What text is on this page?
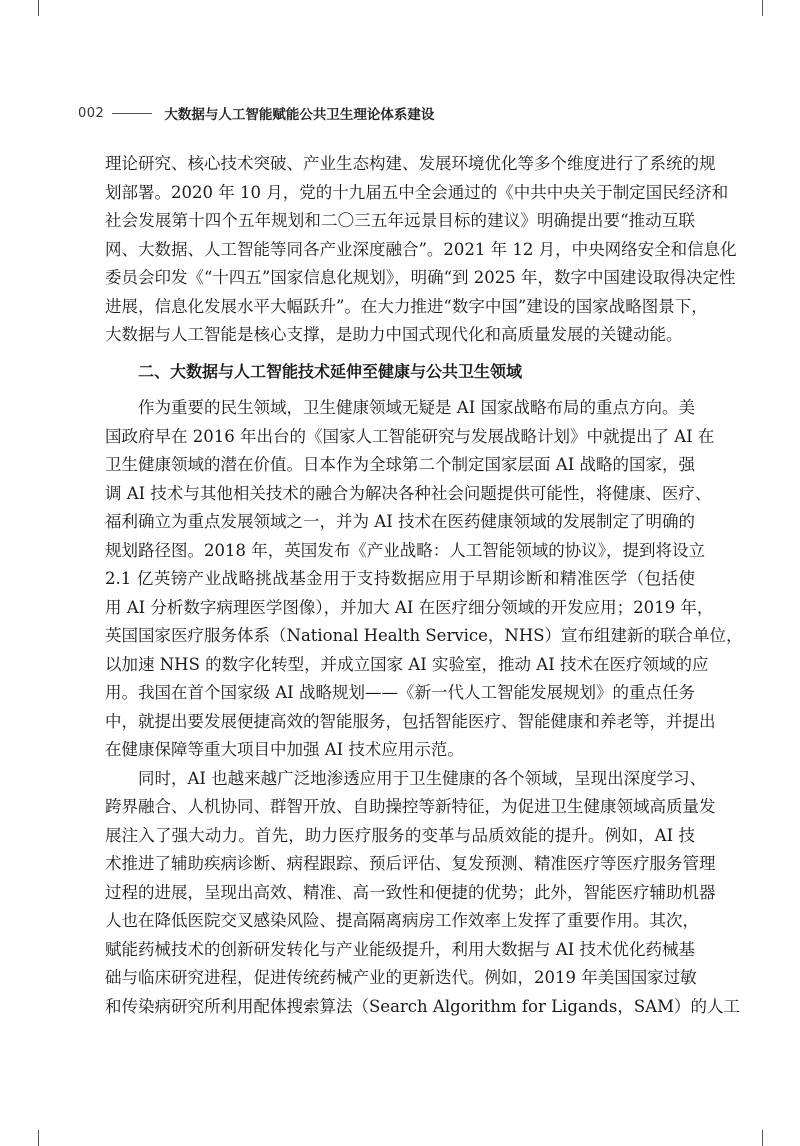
002	大数据与人工智能赋能公共卫生理论体系建设
理论研究、核心技术突破、产业生态构建、发展环境优化等多个维度进行了系统的规
划部署。2020 年 10 月，党的十九届五中全会通过的《中共中央关于制定国民经济和
社会发展第十四个五年规划和二〇三五年远景目标的建议》明确提出要“推动互联
网、大数据、人工智能等同各产业深度融合”。2021 年 12 月，中央网络安全和信息化
委员会印发《“十四五”国家信息化规划》，明确“到 2025 年，数字中国建设取得决定性
进展，信息化发展水平大幅跃升”。在大力推进“数字中国”建设的国家战略图景下，
大数据与人工智能是核心支撑，是助力中国式现代化和高质量发展的关键动能。
二、大数据与人工智能技术延伸至健康与公共卫生领域
作为重要的民生领域，卫生健康领域无疑是 AI 国家战略布局的重点方向。美
国政府早在 2016 年出台的《国家人工智能研究与发展战略计划》中就提出了 AI 在
卫生健康领域的潜在价值。日本作为全球第二个制定国家层面 AI 战略的国家，强
调 AI 技术与其他相关技术的融合为解决各种社会问题提供可能性，将健康、医疗、
福利确立为重点发展领域之一，并为 AI 技术在医药健康领域的发展制定了明确的
规划路径图。2018 年，英国发布《产业战略：人工智能领域的协议》，提到将设立
2.1 亿英镑产业战略挑战基金用于支持数据应用于早期诊断和精准医学（包括使
用 AI 分析数字病理医学图像），并加大 AI 在医疗细分领域的开发应用；2019 年，
英国国家医疗服务体系（National Health Service，NHS）宣布组建新的联合单位，
以加速 NHS 的数字化转型，并成立国家 AI 实验室，推动 AI 技术在医疗领域的应
用。我国在首个国家级 AI 战略规划——《新一代人工智能发展规划》的重点任务
中，就提出要发展便捷高效的智能服务，包括智能医疗、智能健康和养老等，并提出
在健康保障等重大项目中加强 AI 技术应用示范。
同时，AI 也越来越广泛地渗透应用于卫生健康的各个领域，呈现出深度学习、
跨界融合、人机协同、群智开放、自助操控等新特征，为促进卫生健康领域高质量发
展注入了强大动力。首先，助力医疗服务的变革与品质效能的提升。例如，AI 技
术推进了辅助疾病诊断、病程跟踪、预后评估、复发预测、精准医疗等医疗服务管理
过程的进展，呈现出高效、精准、高一致性和便捷的优势；此外，智能医疗辅助机器
人也在降低医院交叉感染风险、提高隔离病房工作效率上发挥了重要作用。其次，
赋能药械技术的创新研发转化与产业能级提升，利用大数据与 AI 技术优化药械基
础与临床研究进程，促进传统药械产业的更新迭代。例如，2019 年美国国家过敏
和传染病研究所利用配体搜索算法（Search Algorithm for Ligands，SAM）的人工
